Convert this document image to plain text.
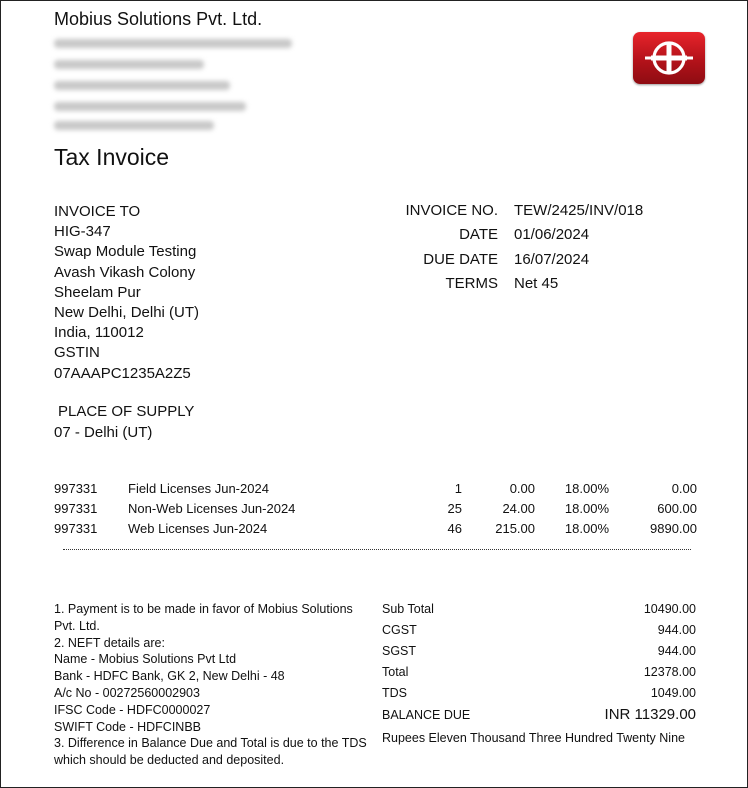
Mobius Solutions Pvt. Ltd.
Tax Invoice
INVOICE TO
HIG-347
Swap Module Testing
Avash Vikash Colony
Sheelam Pur
New Delhi, Delhi (UT)
India, 110012
GSTIN
07AAAPC1235A2Z5
INVOICE NO. TEW/2425/INV/018
DATE 01/06/2024
DUE DATE 16/07/2024
TERMS Net 45
PLACE OF SUPPLY
07 - Delhi (UT)
997331 Field Licenses Jun-2024	1	0.00 18.00%	0.00
997331 Non-Web Licenses Jun-2024	25	24.00 18.00%	600.00
997331 Web Licenses Jun-2024	46	215.00 18.00%	9890.00
1. Payment is to be made in favor of Mobius Solutions Pvt. Ltd.
2. NEFT details are:
Name - Mobius Solutions Pvt Ltd
Bank - HDFC Bank, GK 2, New Delhi - 48
A/c No - 00272560002903
IFSC Code - HDFC0000027
SWIFT Code - HDFCINBB
3. Difference in Balance Due and Total is due to the TDS which should be deducted and deposited.
Sub Total	10490.00
CGST	944.00
SGST	944.00
Total	12378.00
TDS	1049.00
BALANCE DUE	INR 11329.00
Rupees Eleven Thousand Three Hundred Twenty Nine
